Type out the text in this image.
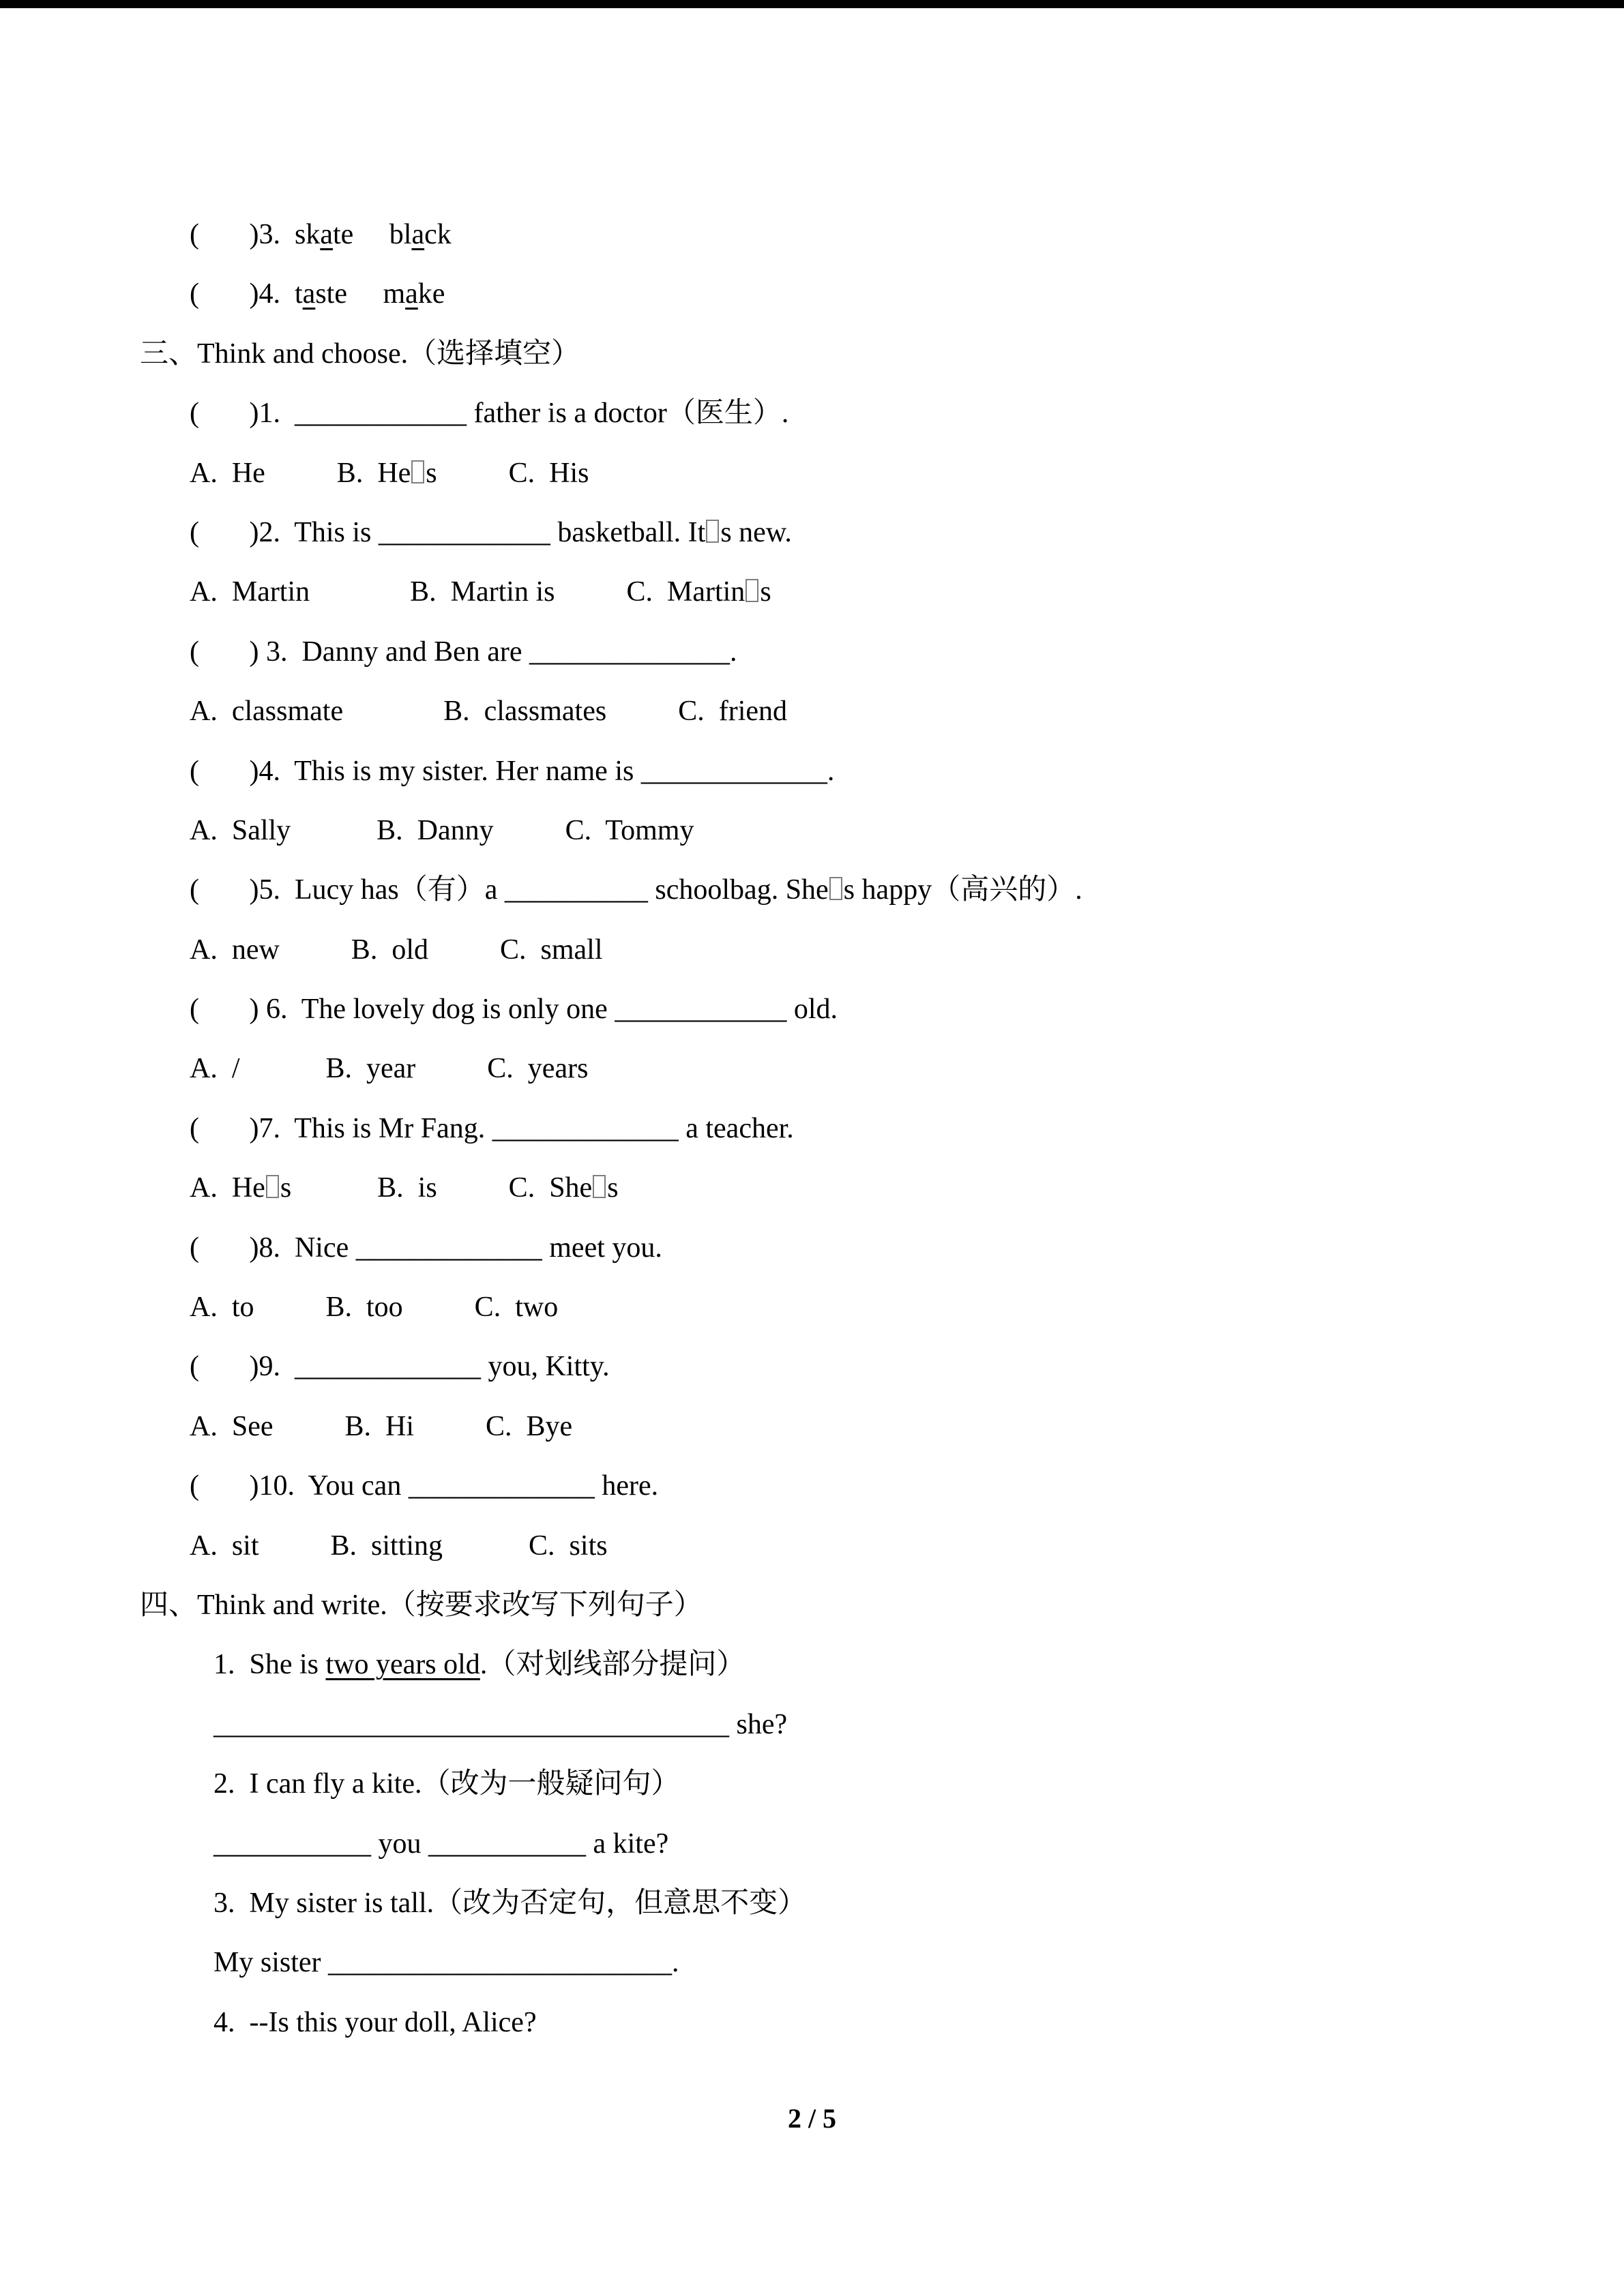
(       )3.  skate     black
(       )4.  taste     make
三、Think and choose.（选择填空）
(       )1.  ____________ father is a doctor（医生）.
A.  He          B.  He s          C.  His
(       )2.  This is ____________ basketball. It s new.
A.  Martin              B.  Martin is          C.  Martin s
(       ) 3.  Danny and Ben are ______________.
A.  classmate              B.  classmates          C.  friend
(       )4.  This is my sister. Her name is _____________.
A.  Sally            B.  Danny          C.  Tommy
(       )5.  Lucy has（有）a __________ schoolbag. She s happy（高兴的）.
A.  new          B.  old          C.  small
(       ) 6.  The lovely dog is only one ____________ old.
A.  /            B.  year          C.  years
(       )7.  This is Mr Fang. _____________ a teacher.
A.  He s            B.  is          C.  She s
(       )8.  Nice _____________ meet you.
A.  to          B.  too          C.  two
(       )9.  _____________ you, Kitty.
A.  See          B.  Hi          C.  Bye
(       )10.  You can _____________ here.
A.  sit          B.  sitting            C.  sits
四、Think and write.（按要求改写下列句子）
1.  She is two years old.（对划线部分提问）
____________________________________ she?
2.  I can fly a kite.（改为一般疑问句）
___________ you ___________ a kite?
3.  My sister is tall.（改为否定句，但意思不变）
My sister ________________________.
4.  --Is this your doll, Alice?
2 / 5
